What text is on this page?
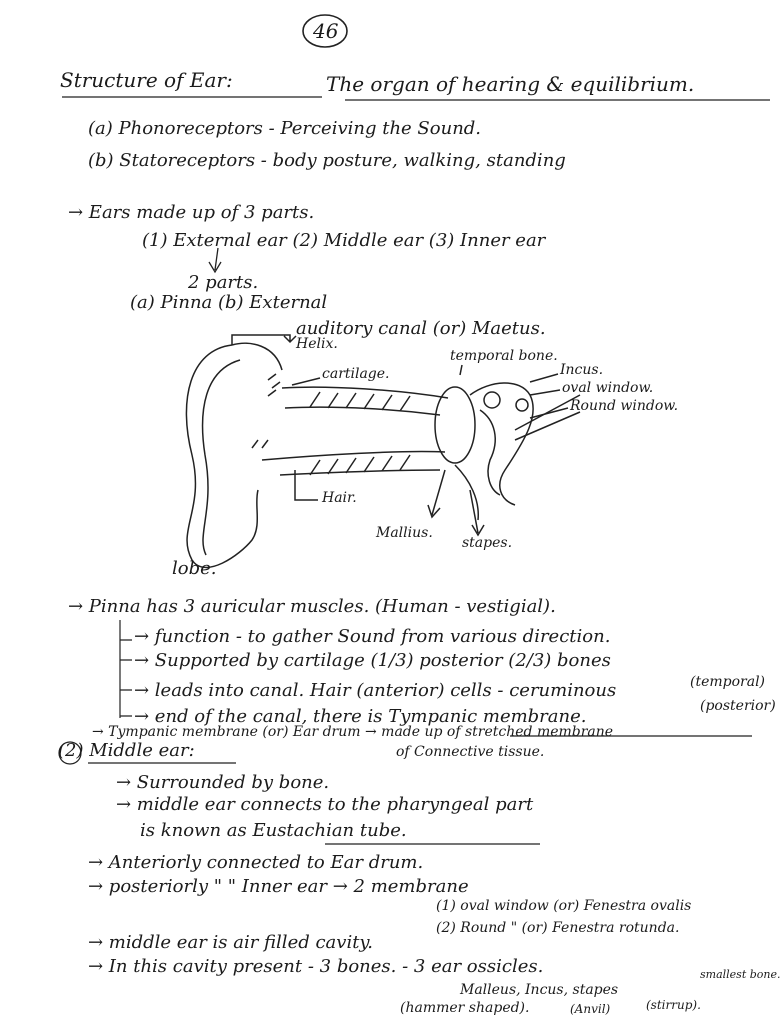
46
Structure of Ear:	The organ of hearing & equilibrium.
(a) Phonoreceptors - Perceiving the Sound.
(b) Statoreceptors - body posture, walking, standing
→ Ears made up of 3 parts.
(1) External ear (2) Middle ear (3) Inner ear
2 parts.
(a) Pinna (b) External
auditory canal (or) Maetus.
Helix.
cartilage.
temporal bone.
Incus.
oval window.
Round window.
Hair.
Mallius.
stapes.
lobe.
→ Pinna has 3 auricular muscles. (Human - vestigial).
→ function - to gather Sound from various direction.
→ Supported by cartilage (1/3) posterior (2/3) bones
(temporal)
→ leads into canal. Hair (anterior) cells - ceruminous
(posterior)
→ end of the canal, there is Tympanic membrane.
→ Tympanic membrane (or) Ear drum → made up of stretched membrane
of Connective tissue.
(2) Middle ear:
→ Surrounded by bone.
→ middle ear connects to the pharyngeal part
is known as Eustachian tube.
→ Anteriorly connected to Ear drum.
→ posteriorly " " Inner ear → 2 membrane
(1) oval window (or) Fenestra ovalis
(2) Round " (or) Fenestra rotunda.
→ middle ear is air filled cavity.
→ In this cavity present - 3 bones. - 3 ear ossicles.
Malleus, Incus, stapes
smallest bone.
(hammer shaped).	(Anvil)	(stirrup).
